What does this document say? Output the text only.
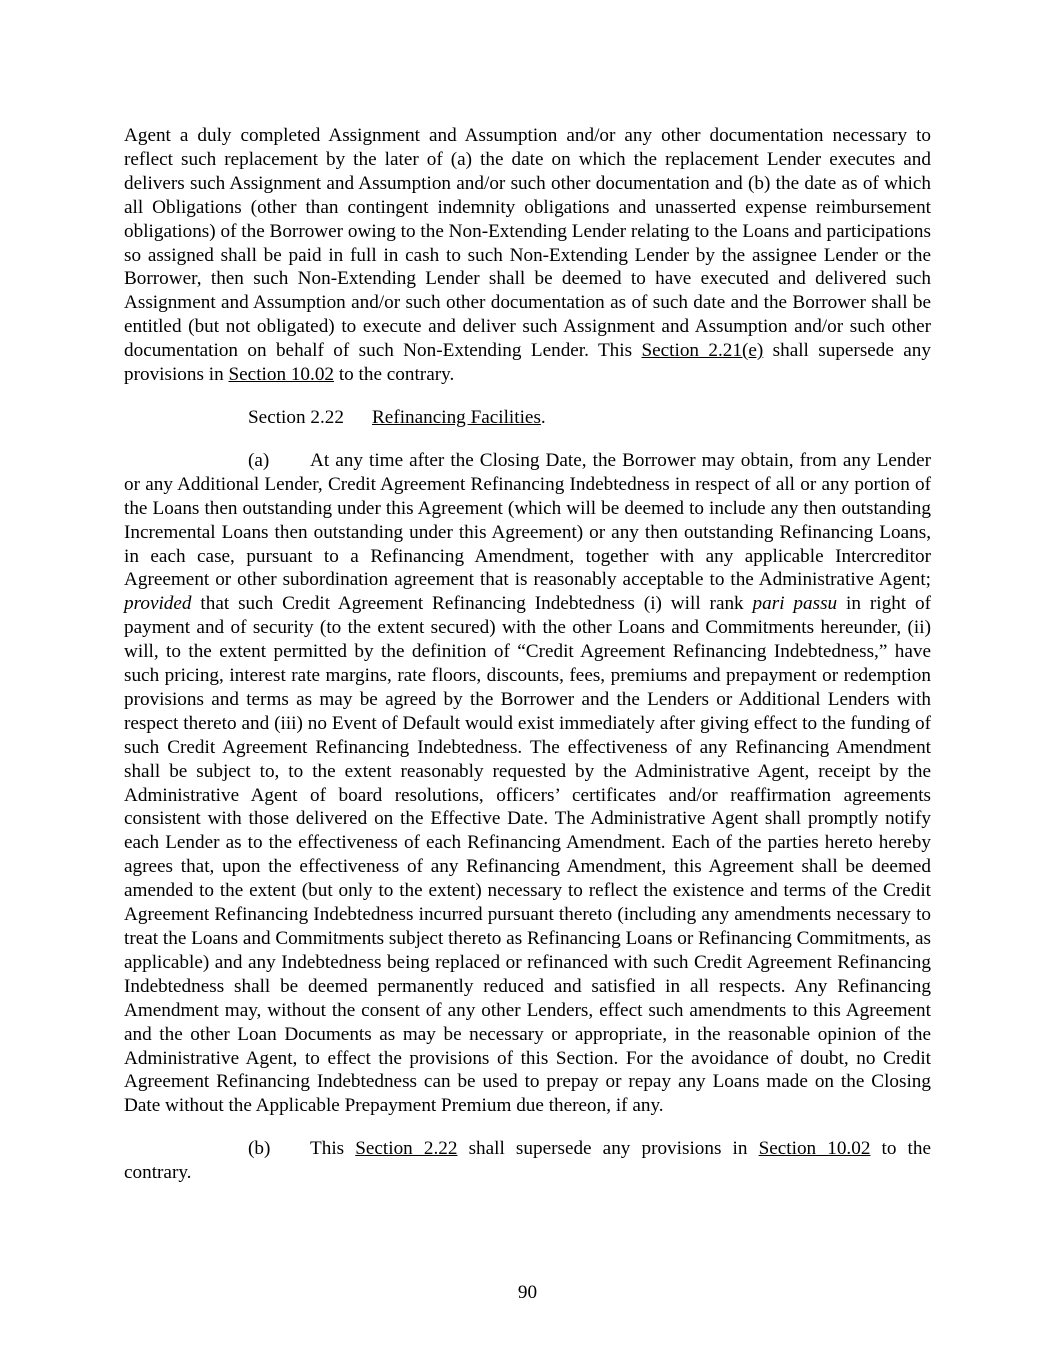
Agent a duly completed Assignment and Assumption and/or any other documentation necessary to reflect such replacement by the later of (a) the date on which the replacement Lender executes and delivers such Assignment and Assumption and/or such other documentation and (b) the date as of which all Obligations (other than contingent indemnity obligations and unasserted expense reimbursement obligations) of the Borrower owing to the Non-Extending Lender relating to the Loans and participations so assigned shall be paid in full in cash to such Non-Extending Lender by the assignee Lender or the Borrower, then such Non-Extending Lender shall be deemed to have executed and delivered such Assignment and Assumption and/or such other documentation as of such date and the Borrower shall be entitled (but not obligated) to execute and deliver such Assignment and Assumption and/or such other documentation on behalf of such Non-Extending Lender. This Section 2.21(e) shall supersede any provisions in Section 10.02 to the contrary.

Section 2.22 Refinancing Facilities.

(a) At any time after the Closing Date, the Borrower may obtain, from any Lender or any Additional Lender, Credit Agreement Refinancing Indebtedness in respect of all or any portion of the Loans then outstanding under this Agreement (which will be deemed to include any then outstanding Incremental Loans then outstanding under this Agreement) or any then outstanding Refinancing Loans, in each case, pursuant to a Refinancing Amendment, together with any applicable Intercreditor Agreement or other subordination agreement that is reasonably acceptable to the Administrative Agent; provided that such Credit Agreement Refinancing Indebtedness (i) will rank pari passu in right of payment and of security (to the extent secured) with the other Loans and Commitments hereunder, (ii) will, to the extent permitted by the definition of “Credit Agreement Refinancing Indebtedness,” have such pricing, interest rate margins, rate floors, discounts, fees, premiums and prepayment or redemption provisions and terms as may be agreed by the Borrower and the Lenders or Additional Lenders with respect thereto and (iii) no Event of Default would exist immediately after giving effect to the funding of such Credit Agreement Refinancing Indebtedness. The effectiveness of any Refinancing Amendment shall be subject to, to the extent reasonably requested by the Administrative Agent, receipt by the Administrative Agent of board resolutions, officers’ certificates and/or reaffirmation agreements consistent with those delivered on the Effective Date. The Administrative Agent shall promptly notify each Lender as to the effectiveness of each Refinancing Amendment. Each of the parties hereto hereby agrees that, upon the effectiveness of any Refinancing Amendment, this Agreement shall be deemed amended to the extent (but only to the extent) necessary to reflect the existence and terms of the Credit Agreement Refinancing Indebtedness incurred pursuant thereto (including any amendments necessary to treat the Loans and Commitments subject thereto as Refinancing Loans or Refinancing Commitments, as applicable) and any Indebtedness being replaced or refinanced with such Credit Agreement Refinancing Indebtedness shall be deemed permanently reduced and satisfied in all respects. Any Refinancing Amendment may, without the consent of any other Lenders, effect such amendments to this Agreement and the other Loan Documents as may be necessary or appropriate, in the reasonable opinion of the Administrative Agent, to effect the provisions of this Section. For the avoidance of doubt, no Credit Agreement Refinancing Indebtedness can be used to prepay or repay any Loans made on the Closing Date without the Applicable Prepayment Premium due thereon, if any.

(b) This Section 2.22 shall supersede any provisions in Section 10.02 to the contrary.

90
